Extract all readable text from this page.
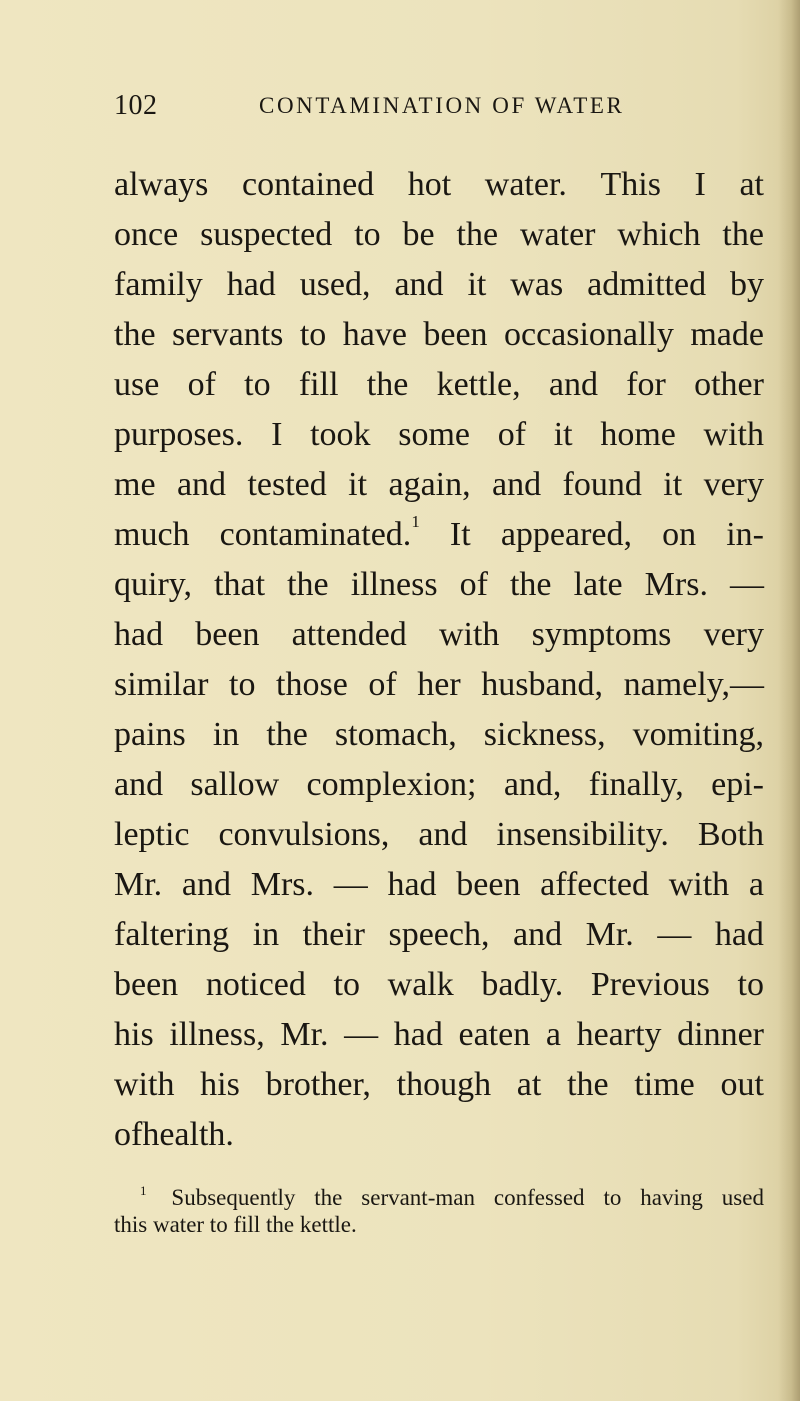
102	CONTAMINATION OF WATER
always contained hot water. This I at
once suspected to be the water which the
family had used, and it was admitted by
the servants to have been occasionally made
use of to fill the kettle, and for other
purposes. I took some of it home with
me and tested it again, and found it very
much contaminated.$^1$ It appeared, on in-
quiry, that the illness of the late Mrs. —
had been attended with symptoms very
similar to those of her husband, namely,—
pains in the stomach, sickness, vomiting,
and sallow complexion; and, finally, epi-
leptic convulsions, and insensibility. Both
Mr. and Mrs. — had been affected with a
faltering in their speech, and Mr. — had
been noticed to walk badly. Previous to
his illness, Mr. — had eaten a hearty dinner
with his brother, though at the time out
of health.
1 Subsequently the servant-man confessed to having used
this water to fill the kettle.
